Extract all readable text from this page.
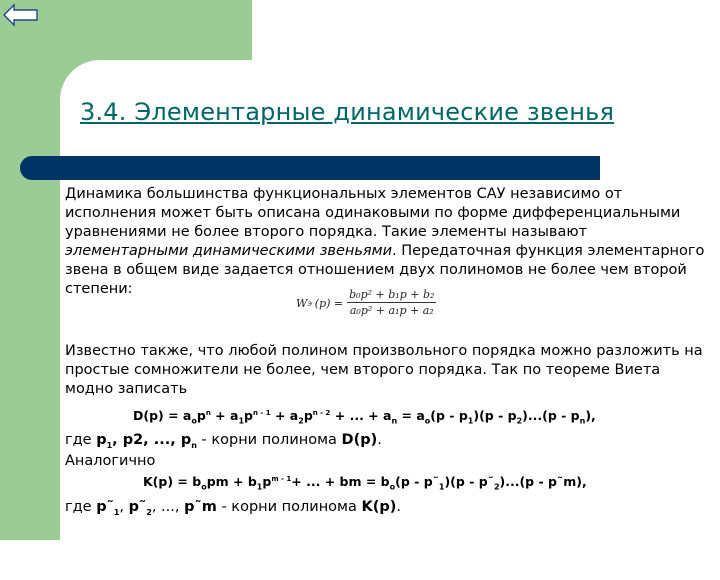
3.4. Элементарные динамические звенья

Динамика большинства функциональных элементов САУ независимо от исполнения может быть описана одинаковыми по форме дифференциальными уравнениями не более второго порядка. Такие элементы называют элементарными динамическими звеньями. Передаточная функция элементарного звена в общем виде задается отношением двух полиномов не более чем второй степени:

W э $(p) = \frac{\text{b₀p² + b₁p + b₂}}{\text{a₀p² + a₁p + a₂}}$

Известно также, что любой полином произвольного порядка можно разложить на простые сомножители не более, чем второго порядка. Так по теореме Виета модно записать

$D(p) = a_op^n + a_1p^{n - 1} + a_2p^{n - 2}$ + ... + $a_n = a_o(p - p_1)(p - p_2)...(p - p_n)$,
где $p_1$, p2, ..., $p_n$ - корни полинома D(p).
Аналогично
$K(p) = b_opm + b_1p^{m - 1}+$ ... + bm = $b_o(p$ - $p˜_1)(p$ - $p˜_2)...(p$ - p˜m),
где $p˜_1$, $p˜_2$, ..., p˜m - корни полинома K(p).
